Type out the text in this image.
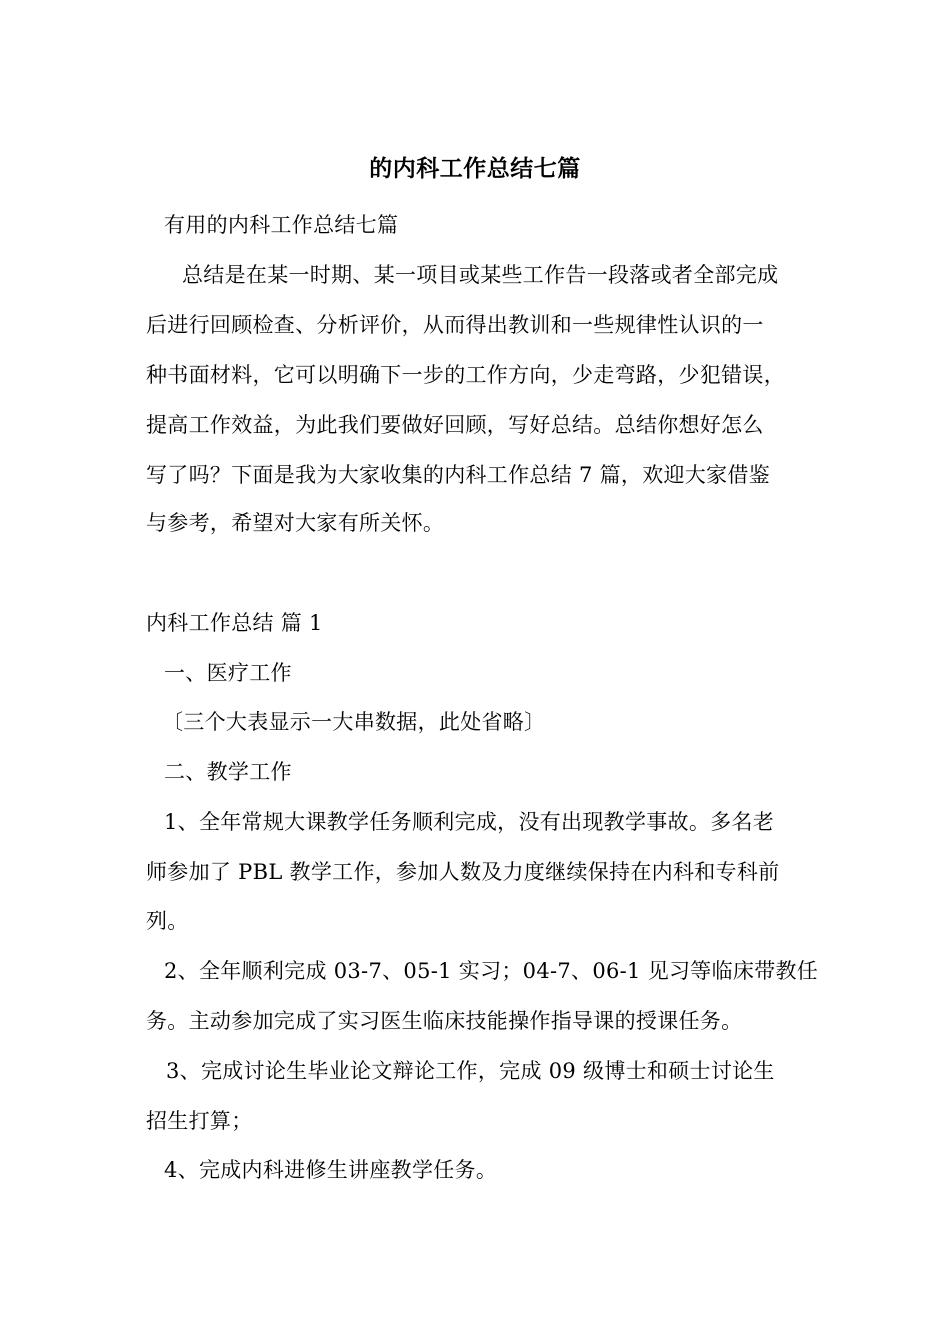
的内科工作总结七篇
有用的内科工作总结七篇
总结是在某一时期、某一项目或某些工作告一段落或者全部完成
后进行回顾检查、分析评价，从而得出教训和一些规律性认识的一
种书面材料，它可以明确下一步的工作方向，少走弯路，少犯错误，
提高工作效益，为此我们要做好回顾，写好总结。总结你想好怎么
写了吗？下面是我为大家收集的内科工作总结 7 篇，欢迎大家借鉴
与参考，希望对大家有所关怀。
内科工作总结 篇 1
一、医疗工作
〔三个大表显示一大串数据，此处省略〕
二、教学工作
1、全年常规大课教学任务顺利完成，没有出现教学事故。多名老
师参加了 PBL 教学工作，参加人数及力度继续保持在内科和专科前
列。
2、全年顺利完成 03-7、05-1 实习；04-7、06-1 见习等临床带教任
务。主动参加完成了实习医生临床技能操作指导课的授课任务。
3、完成讨论生毕业论文辩论工作，完成 09 级博士和硕士讨论生
招生打算；
4、完成内科进修生讲座教学任务。
